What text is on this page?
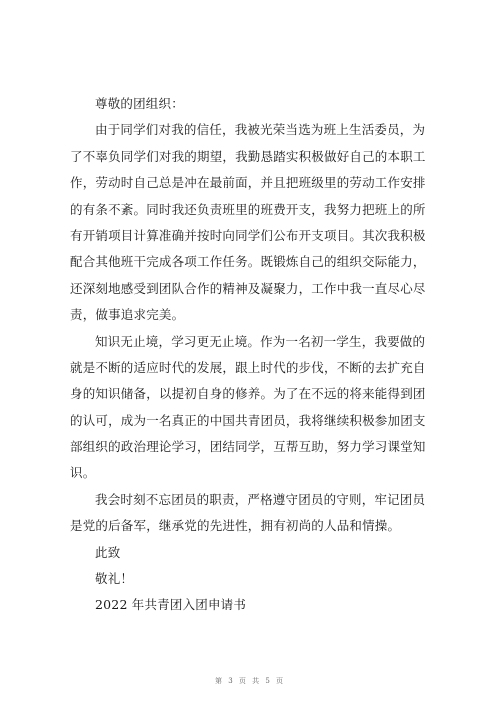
尊敬的团组织：
由于同学们对我的信任，我被光荣当选为班上生活委员，为
了不辜负同学们对我的期望，我勤恳踏实积极做好自己的本职工
作，劳动时自己总是冲在最前面，并且把班级里的劳动工作安排
的有条不紊。同时我还负责班里的班费开支，我努力把班上的所
有开销项目计算准确并按时向同学们公布开支项目。其次我积极
配合其他班干完成各项工作任务。既锻炼自己的组织交际能力，
还深刻地感受到团队合作的精神及凝聚力，工作中我一直尽心尽
责，做事追求完美。
知识无止境，学习更无止境。作为一名初一学生，我要做的
就是不断的适应时代的发展，跟上时代的步伐，不断的去扩充自
身的知识储备，以提初自身的修养。为了在不远的将来能得到团
的认可，成为一名真正的中国共青团员，我将继续积极参加团支
部组织的政治理论学习，团结同学，互帮互助，努力学习课堂知
识。
我会时刻不忘团员的职责，严格遵守团员的守则，牢记团员
是党的后备军，继承党的先进性，拥有初尚的人品和情操。
此致
敬礼！
2022 年共青团入团申请书
第 3 页 共 5 页
